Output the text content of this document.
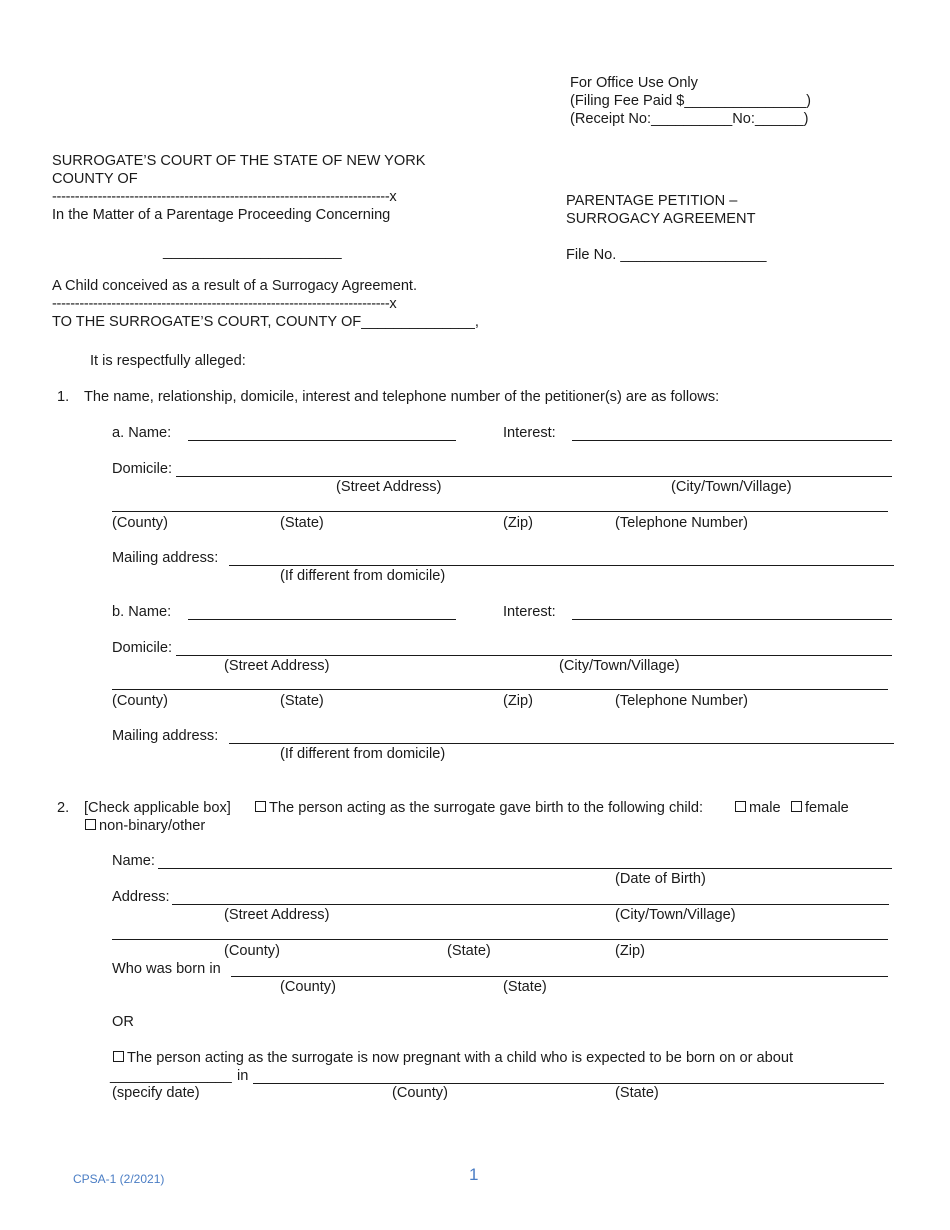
For Office Use Only
(Filing Fee Paid $_______________)
(Receipt No:__________No:______)
SURROGATE’S COURT OF THE STATE OF NEW YORK
COUNTY OF
--------------------------------------------------------------------------x
In the Matter of a Parentage Proceeding Concerning
______________________
A Child conceived as a result of a Surrogacy Agreement.
--------------------------------------------------------------------------x
TO THE SURROGATE’S COURT, COUNTY OF______________,
PARENTAGE PETITION –
SURROGACY AGREEMENT
File No. __________________
It is respectfully alleged:
1. The name, relationship, domicile, interest and telephone number of the petitioner(s) are as follows:
a. Name:	Interest:
Domicile:
(Street Address)	(City/Town/Village)
(County)	(State)	(Zip)	(Telephone Number)
Mailing address:
(If different from domicile)
b. Name:	Interest:
Domicile:
(Street Address)	(City/Town/Village)
(County)	(State)	(Zip)	(Telephone Number)
Mailing address:
(If different from domicile)
2. [Check applicable box]	The person acting as the surrogate gave birth to the following child:	male	female
non-binary/other
Name:
(Date of Birth)
Address:
(Street Address)	(City/Town/Village)
(County)	(State)	(Zip)
Who was born in
(County)	(State)
OR
The person acting as the surrogate is now pregnant with a child who is expected to be born on or about
_______________ in
(specify date)	(County)	(State)
CPSA-1 (2/2021)	1
